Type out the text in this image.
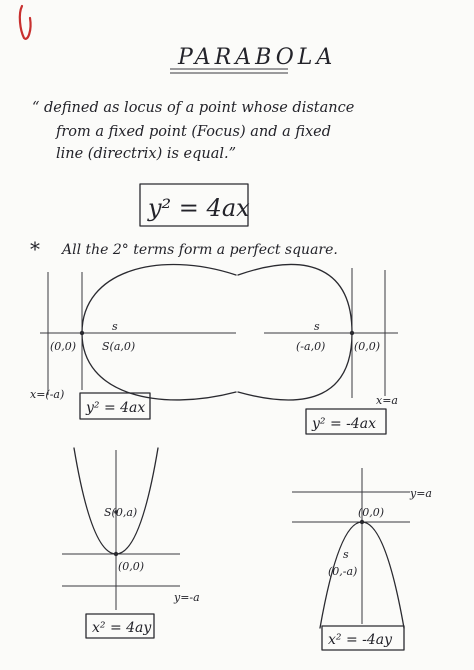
PARABOLA
“ defined as locus of a point whose distance
from a fixed point (Focus) and a fixed
line (directrix) is equal.”
y² = 4ax
* All the 2° terms form a perfect square.
(0,0)
s
S(a,0)
x=(-a)
y² = 4ax
s
(-a,0)	(0,0)
x=a
y² = -4ax
S(0,a)
(0,0)
y=-a
x² = 4ay
y=a
(0,0)
s
(0,-a)
x² = -4ay
